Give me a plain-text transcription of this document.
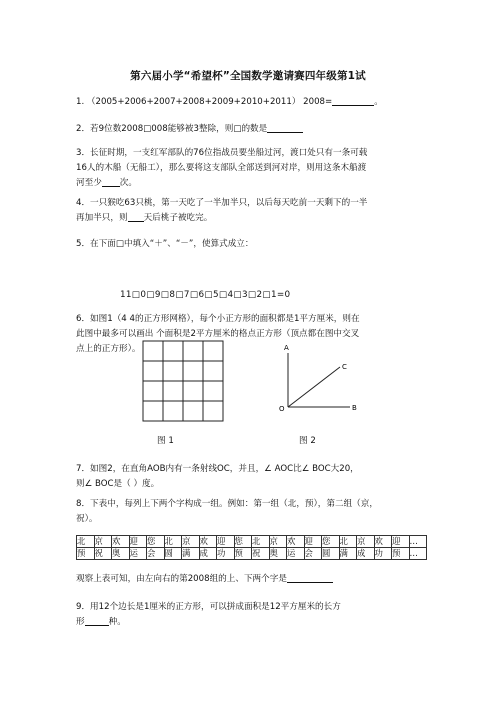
第六届小学“希望杯”全国数学邀请赛四年级第1试
1. （2005+2006+2007+2008+2009+2010+2011） 2008=	。
2．若9位数2008□008能够被3整除，则□的数是
3．长征时期，一支红军部队的76位指战员要坐船过河，渡口处只有一条可载
16人的木船（无船工），那么要将这支部队全部送到河对岸，则用这条木船渡
河至少 次。
4．一只猴吃63只桃，第一天吃了一半加半只，以后每天吃前一天剩下的一半
再加半只，则 天后桃子被吃完。
5．在下面□中填入“＋”、“－”，使算式成立：
11□0□9□8□7□6□5□4□3□2□1=0
6．如图1（4 4的正方形网格），每个小正方形的面积都是1平方厘米，则在
此图中最多可以画出 个面积是2平方厘米的格点正方形（顶点都在图中交叉
点上的正方形）。	A
C
O	B
图 1	图 2
7．如图2，在直角AOB内有一条射线OC，并且，∠ AOC比∠ BOC大20，
则∠ BOC是（ ）度。
8．下表中，每列上下两个字构成一组。例如：第一组（北，预），第二组（京，
祝）。
北	京	欢	迎	您	北	京	欢	迎	您	北	京	欢	迎	您	北	京	欢	迎	…
预	祝	奥	运	会	圆	满	成	功	预	祝	奥	运	会	圆	满	成	功	预	…
观察上表可知，由左向右的第2008组的上、下两个字是
9．用12个边长是1厘米的正方形，可以拼成面积是12平方厘米的长方
形	种。
